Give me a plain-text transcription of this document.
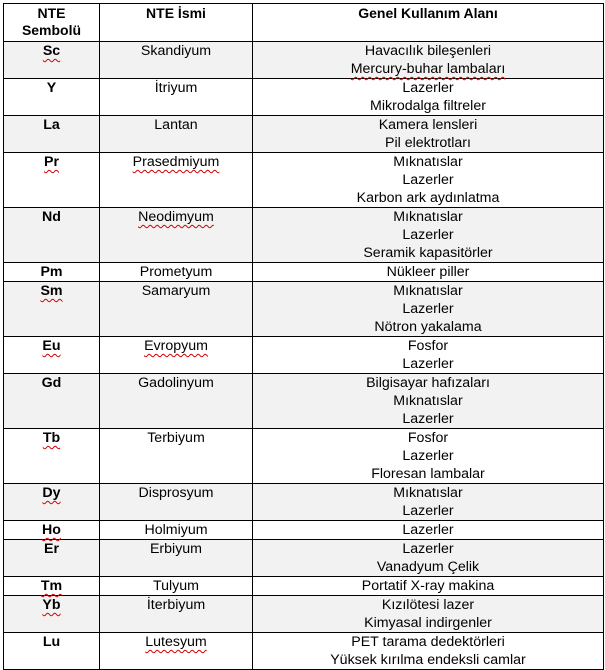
NTE
Sembolü	NTE İsmi	Genel Kullanım Alanı

Sc	Skandiyum	Havacılık bileşenleri
Mercury-buhar lambaları

Y	İtriyum	Lazerler
Mikrodalga filtreler

La	Lantan	Kamera lensleri
Pil elektrotları

Pr	Prasedmiyum	Mıknatıslar
Lazerler
Karbon ark aydınlatma

Nd	Neodimyum	Mıknatıslar
Lazerler
Seramik kapasitörler

Pm	Prometyum	Nükleer piller

Sm	Samaryum	Mıknatıslar
Lazerler
Nötron yakalama

Eu	Evropyum	Fosfor
Lazerler

Gd	Gadolinyum	Bilgisayar hafızaları
Mıknatıslar
Lazerler

Tb	Terbiyum	Fosfor
Lazerler
Floresan lambalar

Dy	Disprosyum	Mıknatıslar
Lazerler

Ho	Holmiyum	Lazerler

Er	Erbiyum	Lazerler
Vanadyum Çelik

Tm	Tulyum	Portatif X-ray makina

Yb	İterbiyum	Kızılötesi lazer
Kimyasal indirgenler

Lu	Lutesyum	PET tarama dedektörleri
Yüksek kırılma endeksli camlar
